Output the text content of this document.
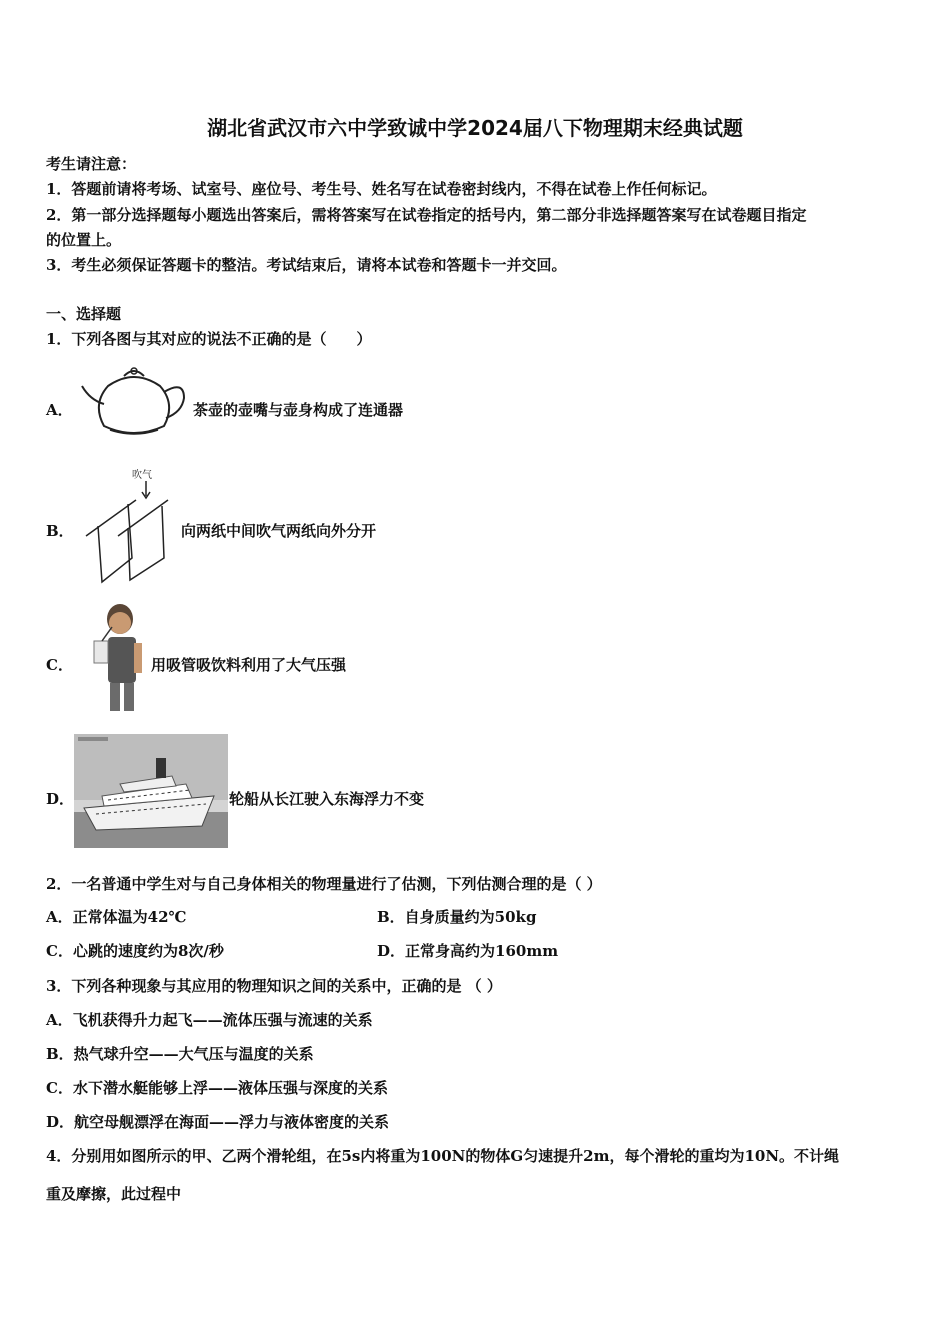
湖北省武汉市六中学致诚中学2024届八下物理期末经典试题
考生请注意：
1．答题前请将考场、试室号、座位号、考生号、姓名写在试卷密封线内，不得在试卷上作任何标记。
2．第一部分选择题每小题选出答案后，需将答案写在试卷指定的括号内，第二部分非选择题答案写在试卷题目指定
的位置上。
3．考生必须保证答题卡的整洁。考试结束后，请将本试卷和答题卡一并交回。
一、选择题
1．下列各图与其对应的说法不正确的是（　　）
A．	茶壶的壶嘴与壶身构成了连通器
B．
吹气
向两纸中间吹气两纸向外分开
C．	用吸管吸饮料利用了大气压强
D．	轮船从长江驶入东海浮力不变
2．一名普通中学生对与自己身体相关的物理量进行了估测，下列估测合理的是（ ）
A．正常体温为42℃	B．自身质量约为50kg
C．心跳的速度约为8次/秒	D．正常身高约为160mm
3．下列各种现象与其应用的物理知识之间的关系中，正确的是 （ ）
A．飞机获得升力起飞——流体压强与流速的关系
B．热气球升空——大气压与温度的关系
C．水下潜水艇能够上浮——液体压强与深度的关系
D．航空母舰漂浮在海面——浮力与液体密度的关系
4．分别用如图所示的甲、乙两个滑轮组，在5s内将重为100N的物体G匀速提升2m，每个滑轮的重均为10N。不计绳
重及摩擦，此过程中
